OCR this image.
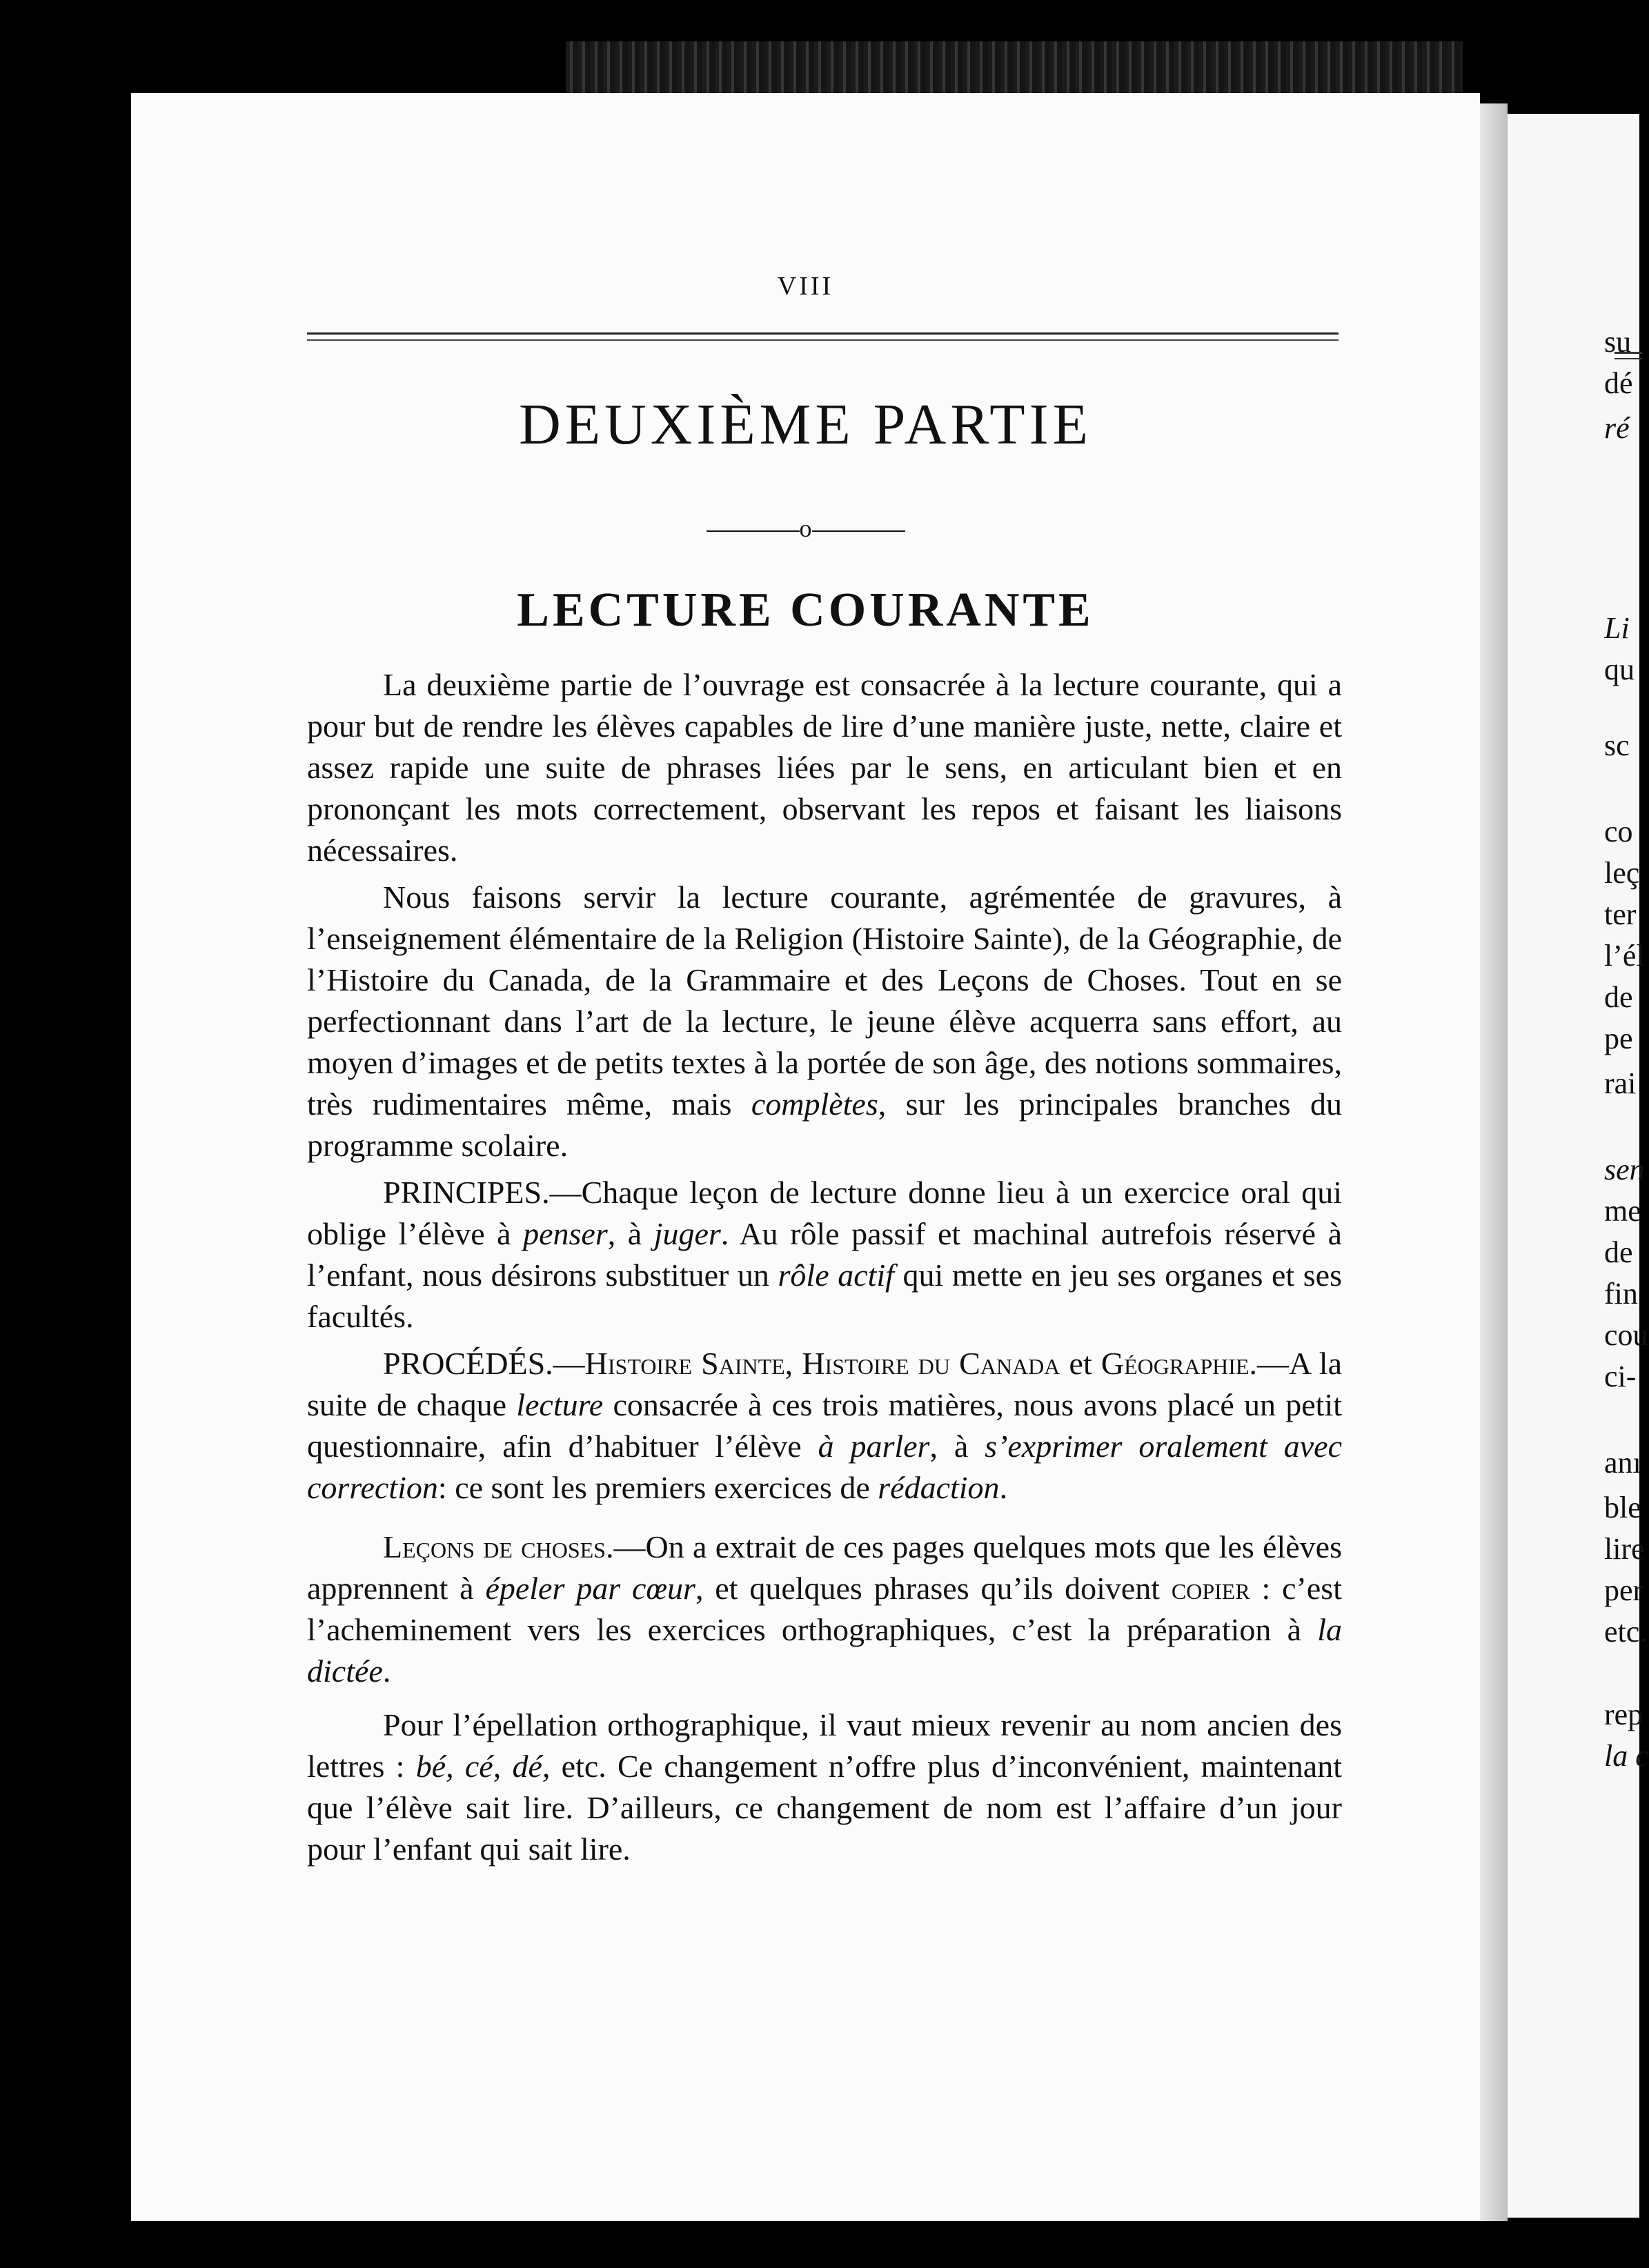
su
dé
ré
Li
qu
sc
co
leç
ter
l’él
de
pe
rai
sen
me
de
fin
cou
ci-
anı
ble
lire
per
etc.
rep
la c
VIII
DEUXIÈME PARTIE
o
LECTURE COURANTE

La deuxième partie de l’ouvrage est consacrée à la lecture courante, qui a pour but de rendre les élèves capables de lire d’une manière juste, nette, claire et assez rapide une suite de phrases liées par le sens, en articulant bien et en prononçant les mots correctement, observant les repos et faisant les liaisons nécessaires.

Nous faisons servir la lecture courante, agrémentée de gravures, à l’enseignement élémentaire de la Religion (Histoire Sainte), de la Géographie, de l’Histoire du Canada, de la Grammaire et des Leçons de Choses. Tout en se perfectionnant dans l’art de la lecture, le jeune élève acquerra sans effort, au moyen d’images et de petits textes à la portée de son âge, des notions sommaires, très rudimentaires même, mais complètes, sur les principales branches du programme scolaire.

PRINCIPES.—Chaque leçon de lecture donne lieu à un exercice oral qui oblige l’élève à penser, à juger. Au rôle passif et machinal autrefois réservé à l’enfant, nous désirons substituer un rôle actif qui mette en jeu ses organes et ses facultés.

PROCÉDÉS.—Histoire Sainte, Histoire du Canada et Géographie.—A la suite de chaque lecture consacrée à ces trois matières, nous avons placé un petit questionnaire, afin d’habituer l’élève à parler, à s’exprimer oralement avec correction: ce sont les premiers exercices de rédaction.

Leçons de choses.—On a extrait de ces pages quelques mots que les élèves apprennent à épeler par cœur, et quelques phrases qu’ils doivent copier : c’est l’acheminement vers les exercices orthographiques, c’est la préparation à la dictée.

Pour l’épellation orthographique, il vaut mieux revenir au nom ancien des lettres : bé, cé, dé, etc. Ce changement n’offre plus d’inconvénient, maintenant que l’élève sait lire. D’ailleurs, ce changement de nom est l’affaire d’un jour pour l’enfant qui sait lire.
